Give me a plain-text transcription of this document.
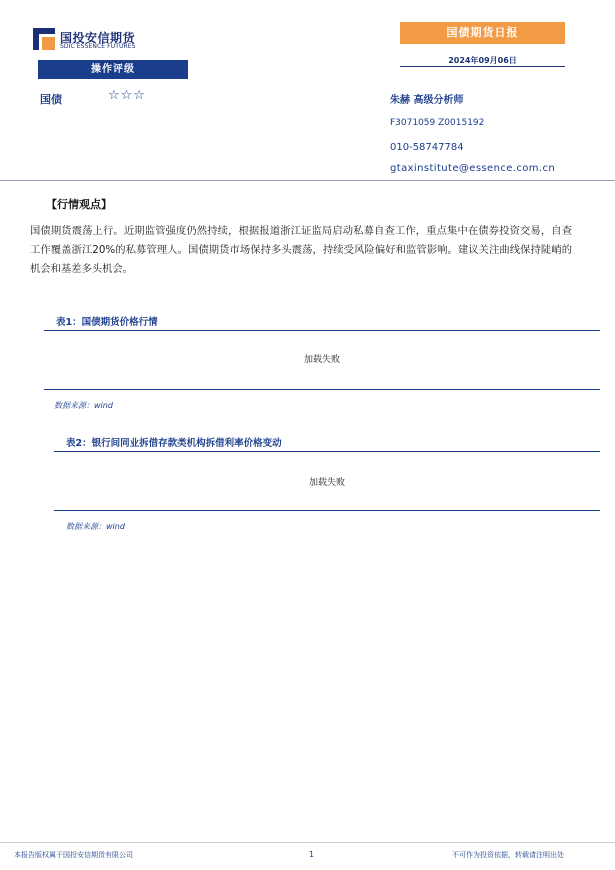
国投安信期货
SDIC ESSENCE FUTURES
国债期货日报
2024年09月06日
操作评级
国债	☆☆☆	朱赫 高级分析师
F3071059 Z0015192
010-58747784
gtaxinstitute@essence.com.cn
【行情观点】
国债期货震荡上行。近期监管强度仍然持续，根据报道浙江证监局启动私募自查工作，重点集中在债券投资交易，自查工作覆盖浙江20%的私募管理人。国债期货市场保持多头震荡，持续受风险偏好和监管影响。建议关注曲线保持陡峭的机会和基差多头机会。
表1：国债期货价格行情
加载失败
数据来源：wind
表2：银行间同业拆借存款类机构拆借利率价格变动
加载失败
数据来源：wind
本报告版权属于国投安信期货有限公司	1	不可作为投资依据，转载请注明出处
